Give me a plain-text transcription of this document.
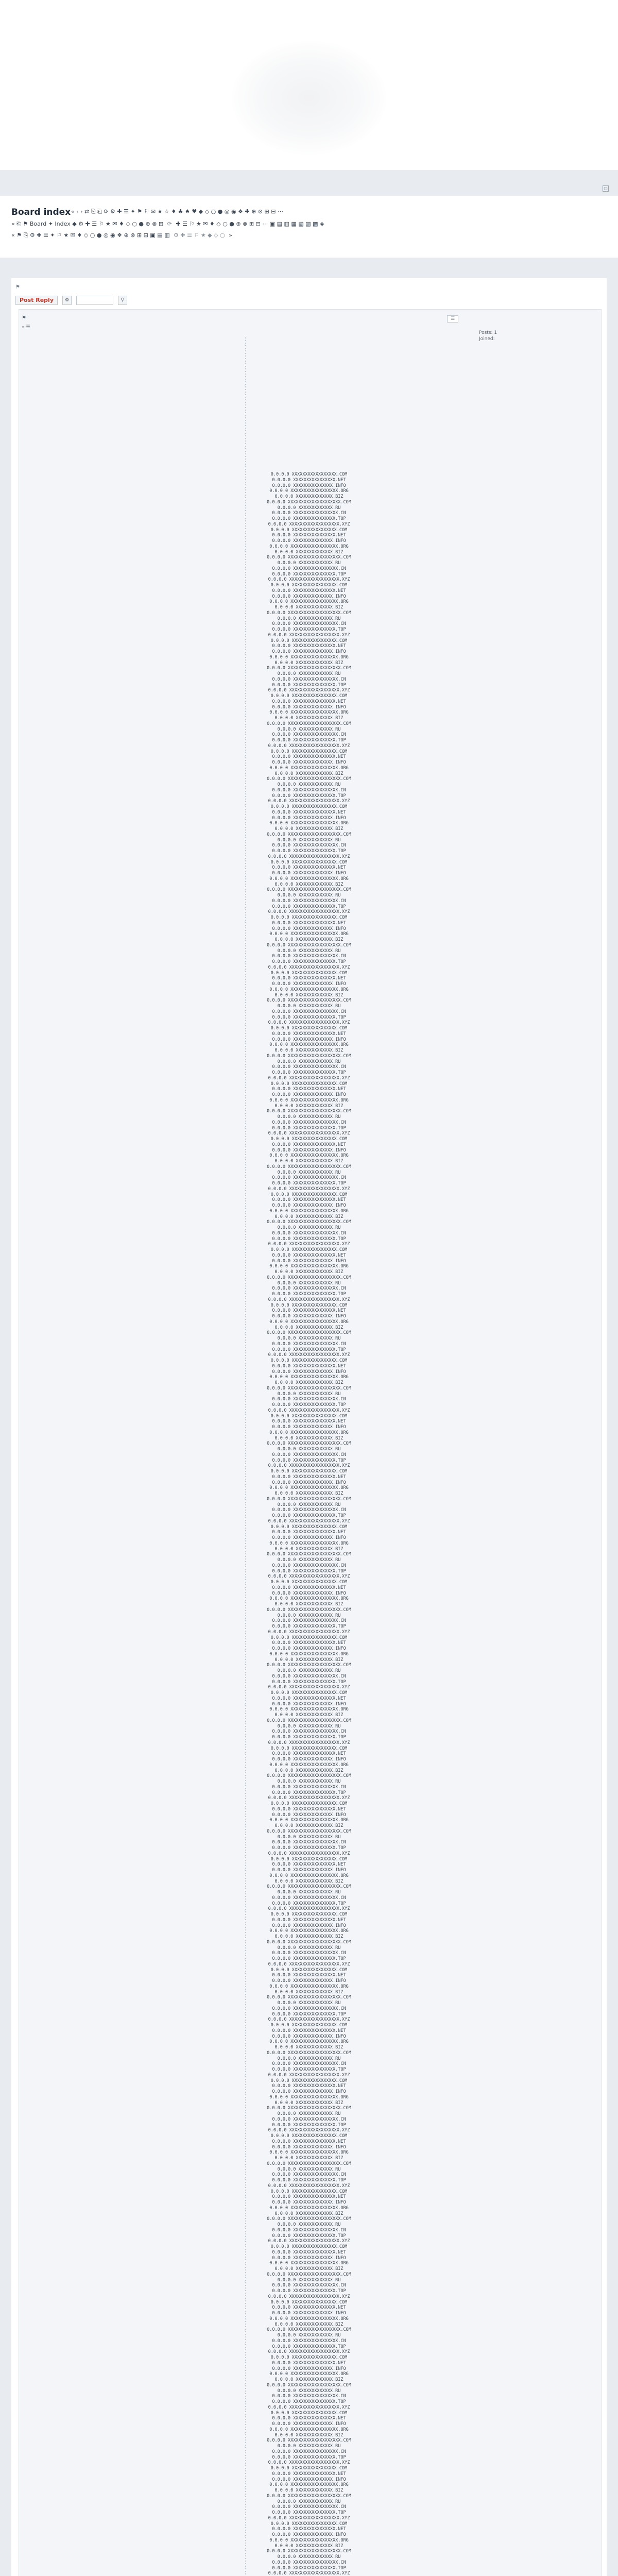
▢
Board index « ‹ › ⇄ ⎘ ⎗ ⟳ ⚙ ✚ ☰ ✦ ⚑ ⚐ ✉ ★ ☆ ♦ ♣ ♠ ♥ ◆ ◇ ○ ● ◎ ◉ ❖ ✚ ⊕ ⊗ ⊞ ⊟ ⋯
« ⎗ ⚑ Board ✦ Index ◆ ⚙ ✚ ☰ ⚐ ★ ✉ ♦ ◇ ○ ● ⊕ ⊗ ⊞ ⟳ ✚ ☰ ⚐ ★ ✉ ♦ ◇ ○ ● ⊕ ⊗ ⊞ ⊟ ⋯ ▣ ▤ ▥ ▦ ▧ ▨ ▩ ◈
« ⚑ ⎘ ⚙ ✚ ☰ ✦ ⚐ ★ ✉ ♦ ◇ ○ ● ◎ ◉ ❖ ⊕ ⊗ ⊞ ⊟ ▣ ▤ ▥ ⚙ ✚ ☰ ⚐ ★ ◆ ◇ ○ »
⚑
Post Reply ⚙	⚲
⚑
« ☰
☰
Posts: 1
Joined:
0.0.0.0 XXXXXXXXXXXXXXXXX.COM
0.0.0.0 XXXXXXXXXXXXXXXX.NET
0.0.0.0 XXXXXXXXXXXXXXX.INFO
0.0.0.0 XXXXXXXXXXXXXXXXXX.ORG
0.0.0.0 XXXXXXXXXXXXXX.BIZ
0.0.0.0 XXXXXXXXXXXXXXXXXXXX.COM
0.0.0.0 XXXXXXXXXXXXX.RU
0.0.0.0 XXXXXXXXXXXXXXXXX.CN
0.0.0.0 XXXXXXXXXXXXXXXX.TOP
0.0.0.0 XXXXXXXXXXXXXXXXXXX.XYZ
0.0.0.0 XXXXXXXXXXXXXXXXX.COM
0.0.0.0 XXXXXXXXXXXXXXXX.NET
0.0.0.0 XXXXXXXXXXXXXXX.INFO
0.0.0.0 XXXXXXXXXXXXXXXXXX.ORG
0.0.0.0 XXXXXXXXXXXXXX.BIZ
0.0.0.0 XXXXXXXXXXXXXXXXXXXX.COM
0.0.0.0 XXXXXXXXXXXXX.RU
0.0.0.0 XXXXXXXXXXXXXXXXX.CN
0.0.0.0 XXXXXXXXXXXXXXXX.TOP
0.0.0.0 XXXXXXXXXXXXXXXXXXX.XYZ
0.0.0.0 XXXXXXXXXXXXXXXXX.COM
0.0.0.0 XXXXXXXXXXXXXXXX.NET
0.0.0.0 XXXXXXXXXXXXXXX.INFO
0.0.0.0 XXXXXXXXXXXXXXXXXX.ORG
0.0.0.0 XXXXXXXXXXXXXX.BIZ
0.0.0.0 XXXXXXXXXXXXXXXXXXXX.COM
0.0.0.0 XXXXXXXXXXXXX.RU
0.0.0.0 XXXXXXXXXXXXXXXXX.CN
0.0.0.0 XXXXXXXXXXXXXXXX.TOP
0.0.0.0 XXXXXXXXXXXXXXXXXXX.XYZ
0.0.0.0 XXXXXXXXXXXXXXXXX.COM
0.0.0.0 XXXXXXXXXXXXXXXX.NET
0.0.0.0 XXXXXXXXXXXXXXX.INFO
0.0.0.0 XXXXXXXXXXXXXXXXXX.ORG
0.0.0.0 XXXXXXXXXXXXXX.BIZ
0.0.0.0 XXXXXXXXXXXXXXXXXXXX.COM
0.0.0.0 XXXXXXXXXXXXX.RU
0.0.0.0 XXXXXXXXXXXXXXXXX.CN
0.0.0.0 XXXXXXXXXXXXXXXX.TOP
0.0.0.0 XXXXXXXXXXXXXXXXXXX.XYZ
0.0.0.0 XXXXXXXXXXXXXXXXX.COM
0.0.0.0 XXXXXXXXXXXXXXXX.NET
0.0.0.0 XXXXXXXXXXXXXXX.INFO
0.0.0.0 XXXXXXXXXXXXXXXXXX.ORG
0.0.0.0 XXXXXXXXXXXXXX.BIZ
0.0.0.0 XXXXXXXXXXXXXXXXXXXX.COM
0.0.0.0 XXXXXXXXXXXXX.RU
0.0.0.0 XXXXXXXXXXXXXXXXX.CN
0.0.0.0 XXXXXXXXXXXXXXXX.TOP
0.0.0.0 XXXXXXXXXXXXXXXXXXX.XYZ
0.0.0.0 XXXXXXXXXXXXXXXXX.COM
0.0.0.0 XXXXXXXXXXXXXXXX.NET
0.0.0.0 XXXXXXXXXXXXXXX.INFO
0.0.0.0 XXXXXXXXXXXXXXXXXX.ORG
0.0.0.0 XXXXXXXXXXXXXX.BIZ
0.0.0.0 XXXXXXXXXXXXXXXXXXXX.COM
0.0.0.0 XXXXXXXXXXXXX.RU
0.0.0.0 XXXXXXXXXXXXXXXXX.CN
0.0.0.0 XXXXXXXXXXXXXXXX.TOP
0.0.0.0 XXXXXXXXXXXXXXXXXXX.XYZ
0.0.0.0 XXXXXXXXXXXXXXXXX.COM
0.0.0.0 XXXXXXXXXXXXXXXX.NET
0.0.0.0 XXXXXXXXXXXXXXX.INFO
0.0.0.0 XXXXXXXXXXXXXXXXXX.ORG
0.0.0.0 XXXXXXXXXXXXXX.BIZ
0.0.0.0 XXXXXXXXXXXXXXXXXXXX.COM
0.0.0.0 XXXXXXXXXXXXX.RU
0.0.0.0 XXXXXXXXXXXXXXXXX.CN
0.0.0.0 XXXXXXXXXXXXXXXX.TOP
0.0.0.0 XXXXXXXXXXXXXXXXXXX.XYZ
0.0.0.0 XXXXXXXXXXXXXXXXX.COM
0.0.0.0 XXXXXXXXXXXXXXXX.NET
0.0.0.0 XXXXXXXXXXXXXXX.INFO
0.0.0.0 XXXXXXXXXXXXXXXXXX.ORG
0.0.0.0 XXXXXXXXXXXXXX.BIZ
0.0.0.0 XXXXXXXXXXXXXXXXXXXX.COM
0.0.0.0 XXXXXXXXXXXXX.RU
0.0.0.0 XXXXXXXXXXXXXXXXX.CN
0.0.0.0 XXXXXXXXXXXXXXXX.TOP
0.0.0.0 XXXXXXXXXXXXXXXXXXX.XYZ
0.0.0.0 XXXXXXXXXXXXXXXXX.COM
0.0.0.0 XXXXXXXXXXXXXXXX.NET
0.0.0.0 XXXXXXXXXXXXXXX.INFO
0.0.0.0 XXXXXXXXXXXXXXXXXX.ORG
0.0.0.0 XXXXXXXXXXXXXX.BIZ
0.0.0.0 XXXXXXXXXXXXXXXXXXXX.COM
0.0.0.0 XXXXXXXXXXXXX.RU
0.0.0.0 XXXXXXXXXXXXXXXXX.CN
0.0.0.0 XXXXXXXXXXXXXXXX.TOP
0.0.0.0 XXXXXXXXXXXXXXXXXXX.XYZ
0.0.0.0 XXXXXXXXXXXXXXXXX.COM
0.0.0.0 XXXXXXXXXXXXXXXX.NET
0.0.0.0 XXXXXXXXXXXXXXX.INFO
0.0.0.0 XXXXXXXXXXXXXXXXXX.ORG
0.0.0.0 XXXXXXXXXXXXXX.BIZ
0.0.0.0 XXXXXXXXXXXXXXXXXXXX.COM
0.0.0.0 XXXXXXXXXXXXX.RU
0.0.0.0 XXXXXXXXXXXXXXXXX.CN
0.0.0.0 XXXXXXXXXXXXXXXX.TOP
0.0.0.0 XXXXXXXXXXXXXXXXXXX.XYZ
0.0.0.0 XXXXXXXXXXXXXXXXX.COM
0.0.0.0 XXXXXXXXXXXXXXXX.NET
0.0.0.0 XXXXXXXXXXXXXXX.INFO
0.0.0.0 XXXXXXXXXXXXXXXXXX.ORG
0.0.0.0 XXXXXXXXXXXXXX.BIZ
0.0.0.0 XXXXXXXXXXXXXXXXXXXX.COM
0.0.0.0 XXXXXXXXXXXXX.RU
0.0.0.0 XXXXXXXXXXXXXXXXX.CN
0.0.0.0 XXXXXXXXXXXXXXXX.TOP
0.0.0.0 XXXXXXXXXXXXXXXXXXX.XYZ
0.0.0.0 XXXXXXXXXXXXXXXXX.COM
0.0.0.0 XXXXXXXXXXXXXXXX.NET
0.0.0.0 XXXXXXXXXXXXXXX.INFO
0.0.0.0 XXXXXXXXXXXXXXXXXX.ORG
0.0.0.0 XXXXXXXXXXXXXX.BIZ
0.0.0.0 XXXXXXXXXXXXXXXXXXXX.COM
0.0.0.0 XXXXXXXXXXXXX.RU
0.0.0.0 XXXXXXXXXXXXXXXXX.CN
0.0.0.0 XXXXXXXXXXXXXXXX.TOP
0.0.0.0 XXXXXXXXXXXXXXXXXXX.XYZ
0.0.0.0 XXXXXXXXXXXXXXXXX.COM
0.0.0.0 XXXXXXXXXXXXXXXX.NET
0.0.0.0 XXXXXXXXXXXXXXX.INFO
0.0.0.0 XXXXXXXXXXXXXXXXXX.ORG
0.0.0.0 XXXXXXXXXXXXXX.BIZ
0.0.0.0 XXXXXXXXXXXXXXXXXXXX.COM
0.0.0.0 XXXXXXXXXXXXX.RU
0.0.0.0 XXXXXXXXXXXXXXXXX.CN
0.0.0.0 XXXXXXXXXXXXXXXX.TOP
0.0.0.0 XXXXXXXXXXXXXXXXXXX.XYZ
0.0.0.0 XXXXXXXXXXXXXXXXX.COM
0.0.0.0 XXXXXXXXXXXXXXXX.NET
0.0.0.0 XXXXXXXXXXXXXXX.INFO
0.0.0.0 XXXXXXXXXXXXXXXXXX.ORG
0.0.0.0 XXXXXXXXXXXXXX.BIZ
0.0.0.0 XXXXXXXXXXXXXXXXXXXX.COM
0.0.0.0 XXXXXXXXXXXXX.RU
0.0.0.0 XXXXXXXXXXXXXXXXX.CN
0.0.0.0 XXXXXXXXXXXXXXXX.TOP
0.0.0.0 XXXXXXXXXXXXXXXXXXX.XYZ
0.0.0.0 XXXXXXXXXXXXXXXXX.COM
0.0.0.0 XXXXXXXXXXXXXXXX.NET
0.0.0.0 XXXXXXXXXXXXXXX.INFO
0.0.0.0 XXXXXXXXXXXXXXXXXX.ORG
0.0.0.0 XXXXXXXXXXXXXX.BIZ
0.0.0.0 XXXXXXXXXXXXXXXXXXXX.COM
0.0.0.0 XXXXXXXXXXXXX.RU
0.0.0.0 XXXXXXXXXXXXXXXXX.CN
0.0.0.0 XXXXXXXXXXXXXXXX.TOP
0.0.0.0 XXXXXXXXXXXXXXXXXXX.XYZ
0.0.0.0 XXXXXXXXXXXXXXXXX.COM
0.0.0.0 XXXXXXXXXXXXXXXX.NET
0.0.0.0 XXXXXXXXXXXXXXX.INFO
0.0.0.0 XXXXXXXXXXXXXXXXXX.ORG
0.0.0.0 XXXXXXXXXXXXXX.BIZ
0.0.0.0 XXXXXXXXXXXXXXXXXXXX.COM
0.0.0.0 XXXXXXXXXXXXX.RU
0.0.0.0 XXXXXXXXXXXXXXXXX.CN
0.0.0.0 XXXXXXXXXXXXXXXX.TOP
0.0.0.0 XXXXXXXXXXXXXXXXXXX.XYZ
0.0.0.0 XXXXXXXXXXXXXXXXX.COM
0.0.0.0 XXXXXXXXXXXXXXXX.NET
0.0.0.0 XXXXXXXXXXXXXXX.INFO
0.0.0.0 XXXXXXXXXXXXXXXXXX.ORG
0.0.0.0 XXXXXXXXXXXXXX.BIZ
0.0.0.0 XXXXXXXXXXXXXXXXXXXX.COM
0.0.0.0 XXXXXXXXXXXXX.RU
0.0.0.0 XXXXXXXXXXXXXXXXX.CN
0.0.0.0 XXXXXXXXXXXXXXXX.TOP
0.0.0.0 XXXXXXXXXXXXXXXXXXX.XYZ
0.0.0.0 XXXXXXXXXXXXXXXXX.COM
0.0.0.0 XXXXXXXXXXXXXXXX.NET
0.0.0.0 XXXXXXXXXXXXXXX.INFO
0.0.0.0 XXXXXXXXXXXXXXXXXX.ORG
0.0.0.0 XXXXXXXXXXXXXX.BIZ
0.0.0.0 XXXXXXXXXXXXXXXXXXXX.COM
0.0.0.0 XXXXXXXXXXXXX.RU
0.0.0.0 XXXXXXXXXXXXXXXXX.CN
0.0.0.0 XXXXXXXXXXXXXXXX.TOP
0.0.0.0 XXXXXXXXXXXXXXXXXXX.XYZ
0.0.0.0 XXXXXXXXXXXXXXXXX.COM
0.0.0.0 XXXXXXXXXXXXXXXX.NET
0.0.0.0 XXXXXXXXXXXXXXX.INFO
0.0.0.0 XXXXXXXXXXXXXXXXXX.ORG
0.0.0.0 XXXXXXXXXXXXXX.BIZ
0.0.0.0 XXXXXXXXXXXXXXXXXXXX.COM
0.0.0.0 XXXXXXXXXXXXX.RU
0.0.0.0 XXXXXXXXXXXXXXXXX.CN
0.0.0.0 XXXXXXXXXXXXXXXX.TOP
0.0.0.0 XXXXXXXXXXXXXXXXXXX.XYZ
0.0.0.0 XXXXXXXXXXXXXXXXX.COM
0.0.0.0 XXXXXXXXXXXXXXXX.NET
0.0.0.0 XXXXXXXXXXXXXXX.INFO
0.0.0.0 XXXXXXXXXXXXXXXXXX.ORG
0.0.0.0 XXXXXXXXXXXXXX.BIZ
0.0.0.0 XXXXXXXXXXXXXXXXXXXX.COM
0.0.0.0 XXXXXXXXXXXXX.RU
0.0.0.0 XXXXXXXXXXXXXXXXX.CN
0.0.0.0 XXXXXXXXXXXXXXXX.TOP
0.0.0.0 XXXXXXXXXXXXXXXXXXX.XYZ
0.0.0.0 XXXXXXXXXXXXXXXXX.COM
0.0.0.0 XXXXXXXXXXXXXXXX.NET
0.0.0.0 XXXXXXXXXXXXXXX.INFO
0.0.0.0 XXXXXXXXXXXXXXXXXX.ORG
0.0.0.0 XXXXXXXXXXXXXX.BIZ
0.0.0.0 XXXXXXXXXXXXXXXXXXXX.COM
0.0.0.0 XXXXXXXXXXXXX.RU
0.0.0.0 XXXXXXXXXXXXXXXXX.CN
0.0.0.0 XXXXXXXXXXXXXXXX.TOP
0.0.0.0 XXXXXXXXXXXXXXXXXXX.XYZ
0.0.0.0 XXXXXXXXXXXXXXXXX.COM
0.0.0.0 XXXXXXXXXXXXXXXX.NET
0.0.0.0 XXXXXXXXXXXXXXX.INFO
0.0.0.0 XXXXXXXXXXXXXXXXXX.ORG
0.0.0.0 XXXXXXXXXXXXXX.BIZ
0.0.0.0 XXXXXXXXXXXXXXXXXXXX.COM
0.0.0.0 XXXXXXXXXXXXX.RU
0.0.0.0 XXXXXXXXXXXXXXXXX.CN
0.0.0.0 XXXXXXXXXXXXXXXX.TOP
0.0.0.0 XXXXXXXXXXXXXXXXXXX.XYZ
0.0.0.0 XXXXXXXXXXXXXXXXX.COM
0.0.0.0 XXXXXXXXXXXXXXXX.NET
0.0.0.0 XXXXXXXXXXXXXXX.INFO
0.0.0.0 XXXXXXXXXXXXXXXXXX.ORG
0.0.0.0 XXXXXXXXXXXXXX.BIZ
0.0.0.0 XXXXXXXXXXXXXXXXXXXX.COM
0.0.0.0 XXXXXXXXXXXXX.RU
0.0.0.0 XXXXXXXXXXXXXXXXX.CN
0.0.0.0 XXXXXXXXXXXXXXXX.TOP
0.0.0.0 XXXXXXXXXXXXXXXXXXX.XYZ
0.0.0.0 XXXXXXXXXXXXXXXXX.COM
0.0.0.0 XXXXXXXXXXXXXXXX.NET
0.0.0.0 XXXXXXXXXXXXXXX.INFO
0.0.0.0 XXXXXXXXXXXXXXXXXX.ORG
0.0.0.0 XXXXXXXXXXXXXX.BIZ
0.0.0.0 XXXXXXXXXXXXXXXXXXXX.COM
0.0.0.0 XXXXXXXXXXXXX.RU
0.0.0.0 XXXXXXXXXXXXXXXXX.CN
0.0.0.0 XXXXXXXXXXXXXXXX.TOP
0.0.0.0 XXXXXXXXXXXXXXXXXXX.XYZ
0.0.0.0 XXXXXXXXXXXXXXXXX.COM
0.0.0.0 XXXXXXXXXXXXXXXX.NET
0.0.0.0 XXXXXXXXXXXXXXX.INFO
0.0.0.0 XXXXXXXXXXXXXXXXXX.ORG
0.0.0.0 XXXXXXXXXXXXXX.BIZ
0.0.0.0 XXXXXXXXXXXXXXXXXXXX.COM
0.0.0.0 XXXXXXXXXXXXX.RU
0.0.0.0 XXXXXXXXXXXXXXXXX.CN
0.0.0.0 XXXXXXXXXXXXXXXX.TOP
0.0.0.0 XXXXXXXXXXXXXXXXXXX.XYZ
0.0.0.0 XXXXXXXXXXXXXXXXX.COM
0.0.0.0 XXXXXXXXXXXXXXXX.NET
0.0.0.0 XXXXXXXXXXXXXXX.INFO
0.0.0.0 XXXXXXXXXXXXXXXXXX.ORG
0.0.0.0 XXXXXXXXXXXXXX.BIZ
0.0.0.0 XXXXXXXXXXXXXXXXXXXX.COM
0.0.0.0 XXXXXXXXXXXXX.RU
0.0.0.0 XXXXXXXXXXXXXXXXX.CN
0.0.0.0 XXXXXXXXXXXXXXXX.TOP
0.0.0.0 XXXXXXXXXXXXXXXXXXX.XYZ
0.0.0.0 XXXXXXXXXXXXXXXXX.COM
0.0.0.0 XXXXXXXXXXXXXXXX.NET
0.0.0.0 XXXXXXXXXXXXXXX.INFO
0.0.0.0 XXXXXXXXXXXXXXXXXX.ORG
0.0.0.0 XXXXXXXXXXXXXX.BIZ
0.0.0.0 XXXXXXXXXXXXXXXXXXXX.COM
0.0.0.0 XXXXXXXXXXXXX.RU
0.0.0.0 XXXXXXXXXXXXXXXXX.CN
0.0.0.0 XXXXXXXXXXXXXXXX.TOP
0.0.0.0 XXXXXXXXXXXXXXXXXXX.XYZ
0.0.0.0 XXXXXXXXXXXXXXXXX.COM
0.0.0.0 XXXXXXXXXXXXXXXX.NET
0.0.0.0 XXXXXXXXXXXXXXX.INFO
0.0.0.0 XXXXXXXXXXXXXXXXXX.ORG
0.0.0.0 XXXXXXXXXXXXXX.BIZ
0.0.0.0 XXXXXXXXXXXXXXXXXXXX.COM
0.0.0.0 XXXXXXXXXXXXX.RU
0.0.0.0 XXXXXXXXXXXXXXXXX.CN
0.0.0.0 XXXXXXXXXXXXXXXX.TOP
0.0.0.0 XXXXXXXXXXXXXXXXXXX.XYZ
0.0.0.0 XXXXXXXXXXXXXXXXX.COM
0.0.0.0 XXXXXXXXXXXXXXXX.NET
0.0.0.0 XXXXXXXXXXXXXXX.INFO
0.0.0.0 XXXXXXXXXXXXXXXXXX.ORG
0.0.0.0 XXXXXXXXXXXXXX.BIZ
0.0.0.0 XXXXXXXXXXXXXXXXXXXX.COM
0.0.0.0 XXXXXXXXXXXXX.RU
0.0.0.0 XXXXXXXXXXXXXXXXX.CN
0.0.0.0 XXXXXXXXXXXXXXXX.TOP
0.0.0.0 XXXXXXXXXXXXXXXXXXX.XYZ
0.0.0.0 XXXXXXXXXXXXXXXXX.COM
0.0.0.0 XXXXXXXXXXXXXXXX.NET
0.0.0.0 XXXXXXXXXXXXXXX.INFO
0.0.0.0 XXXXXXXXXXXXXXXXXX.ORG
0.0.0.0 XXXXXXXXXXXXXX.BIZ
0.0.0.0 XXXXXXXXXXXXXXXXXXXX.COM
0.0.0.0 XXXXXXXXXXXXX.RU
0.0.0.0 XXXXXXXXXXXXXXXXX.CN
0.0.0.0 XXXXXXXXXXXXXXXX.TOP
0.0.0.0 XXXXXXXXXXXXXXXXXXX.XYZ
0.0.0.0 XXXXXXXXXXXXXXXXX.COM
0.0.0.0 XXXXXXXXXXXXXXXX.NET
0.0.0.0 XXXXXXXXXXXXXXX.INFO
0.0.0.0 XXXXXXXXXXXXXXXXXX.ORG
0.0.0.0 XXXXXXXXXXXXXX.BIZ
0.0.0.0 XXXXXXXXXXXXXXXXXXXX.COM
0.0.0.0 XXXXXXXXXXXXX.RU
0.0.0.0 XXXXXXXXXXXXXXXXX.CN
0.0.0.0 XXXXXXXXXXXXXXXX.TOP
0.0.0.0 XXXXXXXXXXXXXXXXXXX.XYZ
0.0.0.0 XXXXXXXXXXXXXXXXX.COM
0.0.0.0 XXXXXXXXXXXXXXXX.NET
0.0.0.0 XXXXXXXXXXXXXXX.INFO
0.0.0.0 XXXXXXXXXXXXXXXXXX.ORG
0.0.0.0 XXXXXXXXXXXXXX.BIZ
0.0.0.0 XXXXXXXXXXXXXXXXXXXX.COM
0.0.0.0 XXXXXXXXXXXXX.RU
0.0.0.0 XXXXXXXXXXXXXXXXX.CN
0.0.0.0 XXXXXXXXXXXXXXXX.TOP
0.0.0.0 XXXXXXXXXXXXXXXXXXX.XYZ
0.0.0.0 XXXXXXXXXXXXXXXXX.COM
0.0.0.0 XXXXXXXXXXXXXXXX.NET
0.0.0.0 XXXXXXXXXXXXXXX.INFO
0.0.0.0 XXXXXXXXXXXXXXXXXX.ORG
0.0.0.0 XXXXXXXXXXXXXX.BIZ
0.0.0.0 XXXXXXXXXXXXXXXXXXXX.COM
0.0.0.0 XXXXXXXXXXXXX.RU
0.0.0.0 XXXXXXXXXXXXXXXXX.CN
0.0.0.0 XXXXXXXXXXXXXXXX.TOP
0.0.0.0 XXXXXXXXXXXXXXXXXXX.XYZ
0.0.0.0 XXXXXXXXXXXXXXXXX.COM
0.0.0.0 XXXXXXXXXXXXXXXX.NET
0.0.0.0 XXXXXXXXXXXXXXX.INFO
0.0.0.0 XXXXXXXXXXXXXXXXXX.ORG
0.0.0.0 XXXXXXXXXXXXXX.BIZ
0.0.0.0 XXXXXXXXXXXXXXXXXXXX.COM
0.0.0.0 XXXXXXXXXXXXX.RU
0.0.0.0 XXXXXXXXXXXXXXXXX.CN
0.0.0.0 XXXXXXXXXXXXXXXX.TOP
0.0.0.0 XXXXXXXXXXXXXXXXXXX.XYZ
0.0.0.0 XXXXXXXXXXXXXXXXX.COM
0.0.0.0 XXXXXXXXXXXXXXXX.NET
0.0.0.0 XXXXXXXXXXXXXXX.INFO
0.0.0.0 XXXXXXXXXXXXXXXXXX.ORG
0.0.0.0 XXXXXXXXXXXXXX.BIZ
0.0.0.0 XXXXXXXXXXXXXXXXXXXX.COM
0.0.0.0 XXXXXXXXXXXXX.RU
0.0.0.0 XXXXXXXXXXXXXXXXX.CN
0.0.0.0 XXXXXXXXXXXXXXXX.TOP
0.0.0.0 XXXXXXXXXXXXXXXXXXX.XYZ
0.0.0.0 XXXXXXXXXXXXXXXXX.COM
0.0.0.0 XXXXXXXXXXXXXXXX.NET
0.0.0.0 XXXXXXXXXXXXXXX.INFO
0.0.0.0 XXXXXXXXXXXXXXXXXX.ORG
0.0.0.0 XXXXXXXXXXXXXX.BIZ
0.0.0.0 XXXXXXXXXXXXXXXXXXXX.COM
0.0.0.0 XXXXXXXXXXXXX.RU
0.0.0.0 XXXXXXXXXXXXXXXXX.CN
0.0.0.0 XXXXXXXXXXXXXXXX.TOP
0.0.0.0 XXXXXXXXXXXXXXXXXXX.XYZ
0.0.0.0 XXXXXXXXXXXXXXXXX.COM
0.0.0.0 XXXXXXXXXXXXXXXX.NET
0.0.0.0 XXXXXXXXXXXXXXX.INFO
0.0.0.0 XXXXXXXXXXXXXXXXXX.ORG
0.0.0.0 XXXXXXXXXXXXXX.BIZ
0.0.0.0 XXXXXXXXXXXXXXXXXXXX.COM
0.0.0.0 XXXXXXXXXXXXX.RU
0.0.0.0 XXXXXXXXXXXXXXXXX.CN
0.0.0.0 XXXXXXXXXXXXXXXX.TOP
0.0.0.0 XXXXXXXXXXXXXXXXXXX.XYZ
0.0.0.0 XXXXXXXXXXXXXXXXX.COM
0.0.0.0 XXXXXXXXXXXXXXXX.NET
0.0.0.0 XXXXXXXXXXXXXXX.INFO
0.0.0.0 XXXXXXXXXXXXXXXXXX.ORG
0.0.0.0 XXXXXXXXXXXXXX.BIZ
0.0.0.0 XXXXXXXXXXXXXXXXXXXX.COM
0.0.0.0 XXXXXXXXXXXXX.RU
0.0.0.0 XXXXXXXXXXXXXXXXX.CN
0.0.0.0 XXXXXXXXXXXXXXXX.TOP
0.0.0.0 XXXXXXXXXXXXXXXXXXX.XYZ
